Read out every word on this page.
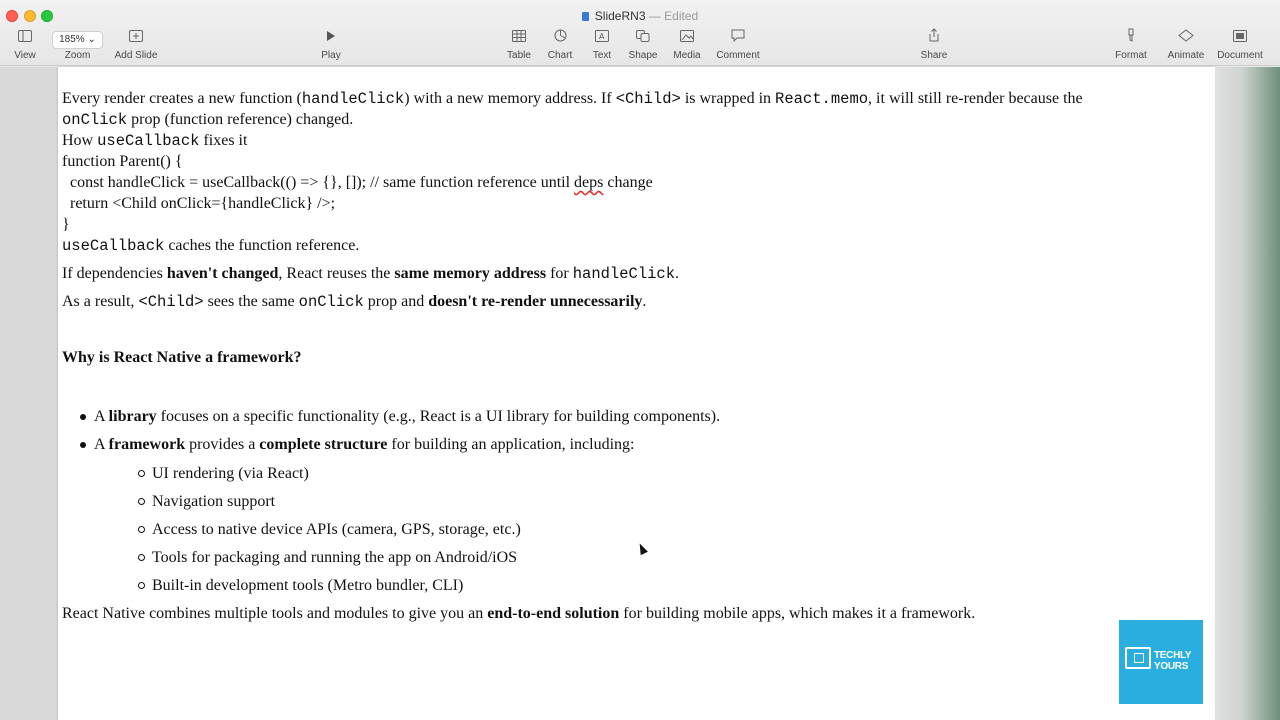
SlideRN3 — Edited
View
185% ⌄
Zoom	Add Slide	Play	Table	Chart
A
Text	Shape	Media	Comment	Share	Format	Animate	Document
Every render creates a new function (handleClick) with a new memory address. If <Child> is wrapped in React.memo, it will still re-render because the
onClick prop (function reference) changed.
How useCallback fixes it
function Parent() {
const handleClick = useCallback(() => {}, []); // same function reference until deps change
return <Child onClick={handleClick} />;
}
useCallback caches the function reference.
If dependencies haven't changed, React reuses the same memory address for handleClick.
As a result, <Child> sees the same onClick prop and doesn't re-render unnecessarily.
Why is React Native a framework?
A library focuses on a specific functionality (e.g., React is a UI library for building components).
A framework provides a complete structure for building an application, including:
UI rendering (via React)
Navigation support
Access to native device APIs (camera, GPS, storage, etc.)
Tools for packaging and running the app on Android/iOS
Built-in development tools (Metro bundler, CLI)
React Native combines multiple tools and modules to give you an end-to-end solution for building mobile apps, which makes it a framework.
TECHLY
YOURS
